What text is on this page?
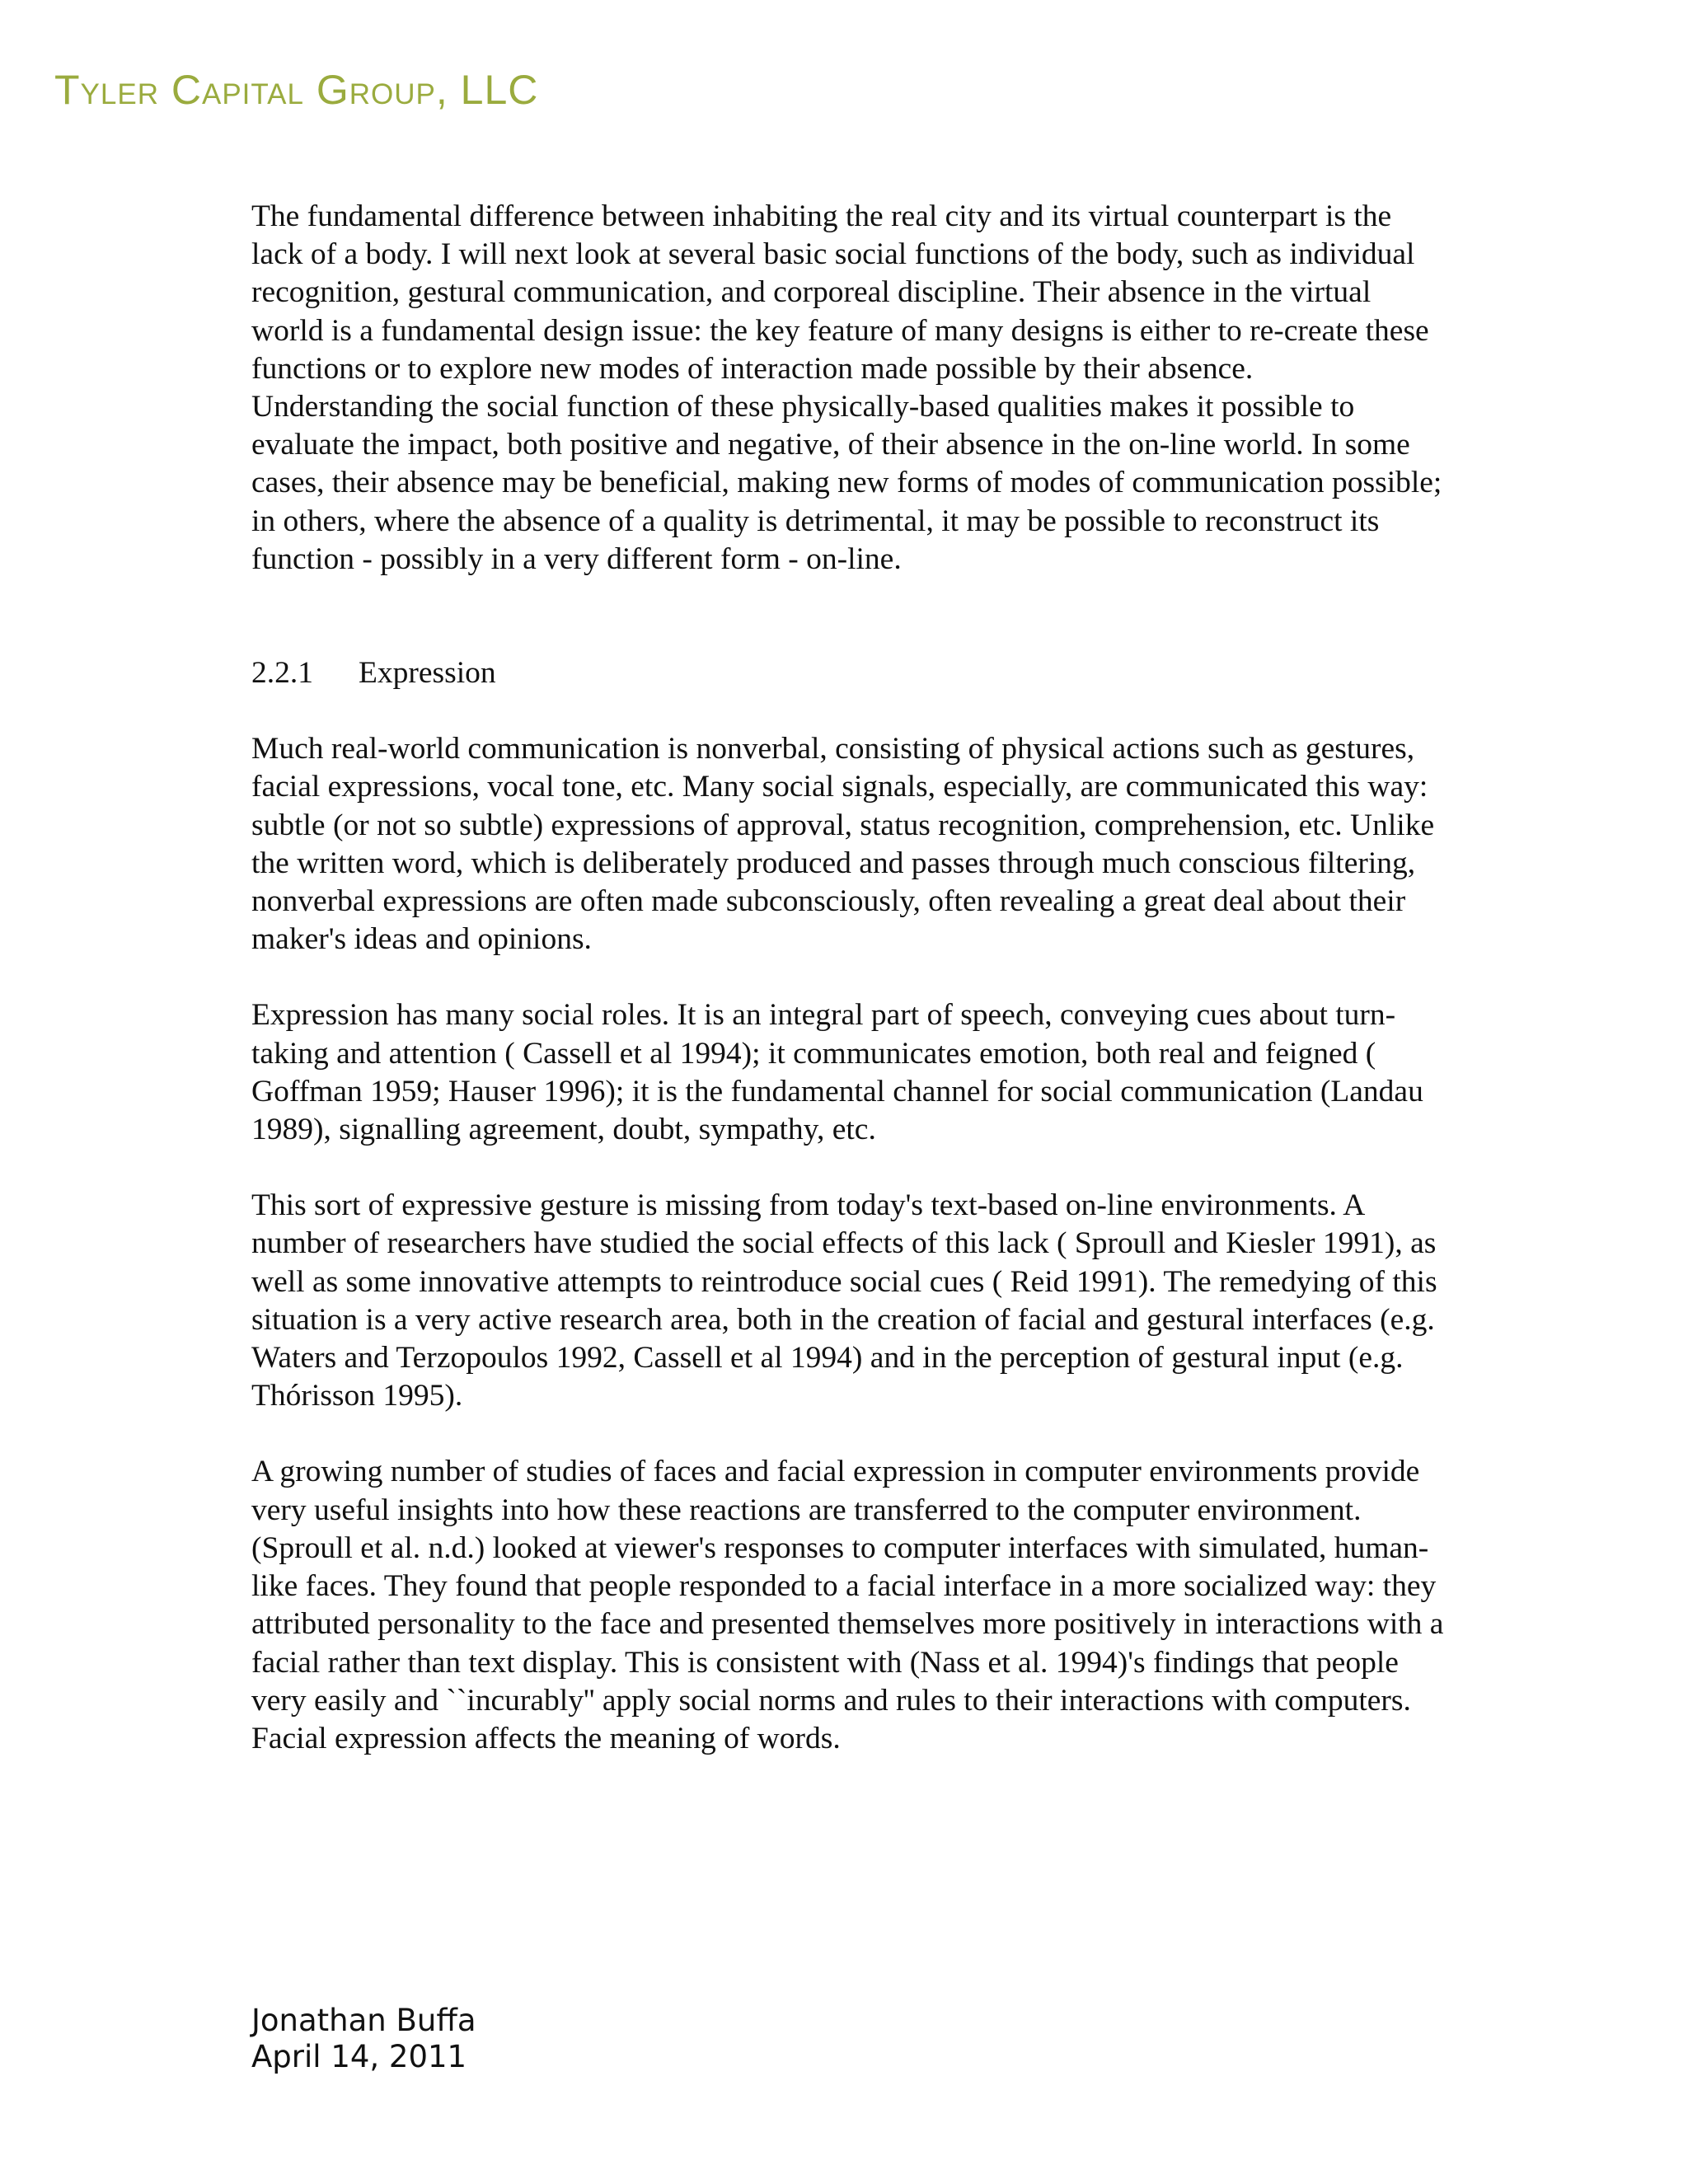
Tyler Capital Group, LLC

The fundamental difference between inhabiting the real city and its virtual counterpart is the lack of a body. I will next look at several basic social functions of the body, such as individual recognition, gestural communication, and corporeal discipline. Their absence in the virtual world is a fundamental design issue: the key feature of many designs is either to re-create these functions or to explore new modes of interaction made possible by their absence.

Understanding the social function of these physically-based qualities makes it possible to evaluate the impact, both positive and negative, of their absence in the on-line world. In some cases, their absence may be beneficial, making new forms of modes of communication possible; in others, where the absence of a quality is detrimental, it may be possible to reconstruct its function - possibly in a very different form - on-line.

2.2.1 Expression

Much real-world communication is nonverbal, consisting of physical actions such as gestures, facial expressions, vocal tone, etc. Many social signals, especially, are communicated this way: subtle (or not so subtle) expressions of approval, status recognition, comprehension, etc. Unlike the written word, which is deliberately produced and passes through much conscious filtering, nonverbal expressions are often made subconsciously, often revealing a great deal about their maker's ideas and opinions.

Expression has many social roles. It is an integral part of speech, conveying cues about turn-taking and attention ( Cassell et al 1994); it communicates emotion, both real and feigned ( Goffman 1959; Hauser 1996); it is the fundamental channel for social communication (Landau 1989), signalling agreement, doubt, sympathy, etc.

This sort of expressive gesture is missing from today's text-based on-line environments. A number of researchers have studied the social effects of this lack ( Sproull and Kiesler 1991), as well as some innovative attempts to reintroduce social cues ( Reid 1991). The remedying of this situation is a very active research area, both in the creation of facial and gestural interfaces (e.g. Waters and Terzopoulos 1992, Cassell et al 1994) and in the perception of gestural input (e.g. Thórisson 1995).

A growing number of studies of faces and facial expression in computer environments provide very useful insights into how these reactions are transferred to the computer environment. (Sproull et al. n.d.) looked at viewer's responses to computer interfaces with simulated, human-like faces. They found that people responded to a facial interface in a more socialized way: they attributed personality to the face and presented themselves more positively in interactions with a facial rather than text display. This is consistent with (Nass et al. 1994)'s findings that people very easily and ``incurably'' apply social norms and rules to their interactions with computers.

Facial expression affects the meaning of words.

Jonathan Buffa
April 14, 2011
